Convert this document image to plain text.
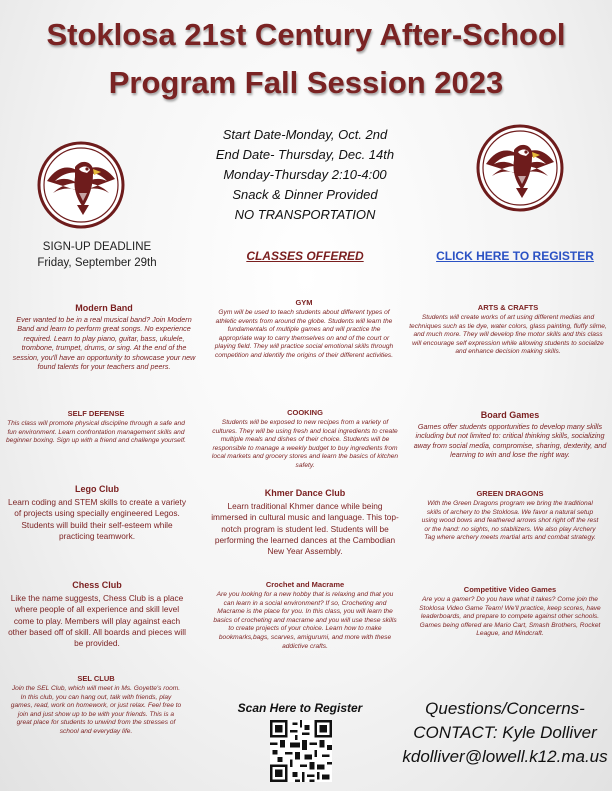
Stoklosa 21st Century After-School
Program Fall Session 2023
Start Date-Monday, Oct. 2nd
End Date- Thursday, Dec. 14th
Monday-Thursday 2:10-4:00
Snack & Dinner Provided
NO TRANSPORTATION
SIGN-UP DEADLINE
Friday, September 29th	CLASSES OFFERED	CLICK HERE TO REGISTER
Modern Band
Ever wanted to be in a real musical band? Join Modern Band and learn to perform great songs. No experience required. Learn to play piano, guitar, bass, ukulele, trombone, trumpet, drums, or sing. At the end of the session, you'll have an opportunity to showcase your new found talents for your teachers and peers.
SELF DEFENSE
This class will promote physical discipline through a safe and fun environment. Learn confrontation management skills and beginner boxing. Sign up with a friend and challenge yourself.
Lego Club
Learn coding and STEM skills to create a variety of projects using specially engineered Legos. Students will build their self-esteem while practicing teamwork.
Chess Club
Like the name suggests, Chess Club is a place where people of all experience and skill level come to play. Members will play against each other based off of skill. All boards and pieces will be provided.
SEL CLUB
Join the SEL Club, which will meet in Ms. Goyette's room. In this club, you can hang out, talk with friends, play games, read, work on homework, or just relax. Feel free to join and just show up to be with your friends. This is a great place for students to unwind from the stresses of school and everyday life.
GYM
Gym will be used to teach students about different types of athletic events from around the globe. Students will learn the fundamentals of multiple games and will practice the appropriate way to carry themselves on and of the court or playing field. They will practice social emotional skills through competition and identify the origins of their different activities.
COOKING
Students will be exposed to new recipes from a variety of cultures. They will be using fresh and local ingredients to create multiple meals and dishes of their choice. Students will be responsible to manage a weekly budget to buy ingredients from local markets and grocery stores and learn the basics of kitchen safety.
Khmer Dance Club
Learn traditional Khmer dance while being immersed in cultural music and language. This top-notch program is student led. Students will be performing the learned dances at the Cambodian New Year Assembly.
Crochet and Macrame
Are you looking for a new hobby that is relaxing and that you can learn in a social environment? If so, Crocheting and Macrame is the place for you. In this class, you will learn the basics of crocheting and macrame and you will use these skills to create projects of your choice. Learn how to make bookmarks,bags, scarves, amigurumi, and more with these addictive crafts.
ARTS & CRAFTS
Students will create works of art using different medias and techniques such as tie dye, water colors, glass painting, fluffy slime, and much more. They will develop fine motor skills and this class will encourage self expression while allowing students to socialize and enhance decision making skills.
Board Games
Games offer students opportunities to develop many skills including but not limited to: critical thinking skills, socializing away from social media, compromise, sharing, dexterity, and learning to win and lose the right way.
GREEN DRAGONS
With the Green Dragons program we bring the traditional skills of archery to the Stoklosa. We favor a natural setup using wood bows and feathered arrows shot right off the rest or the hand: no sights, no stabilizers. We also play Archery Tag where archery meets martial arts and combat strategy.
Competitive Video Games
Are you a gamer? Do you have what it takes? Come join the Stoklosa Video Game Team! We'll practice, keep scores, have leaderboards, and prepare to compete against other schools. Games being offered are Mario Cart, Smash Brothers, Rocket League, and Mindcraft.
Scan Here to Register	Questions/Concerns-
CONTACT: Kyle Dolliver
kdolliver@lowell.k12.ma.us
